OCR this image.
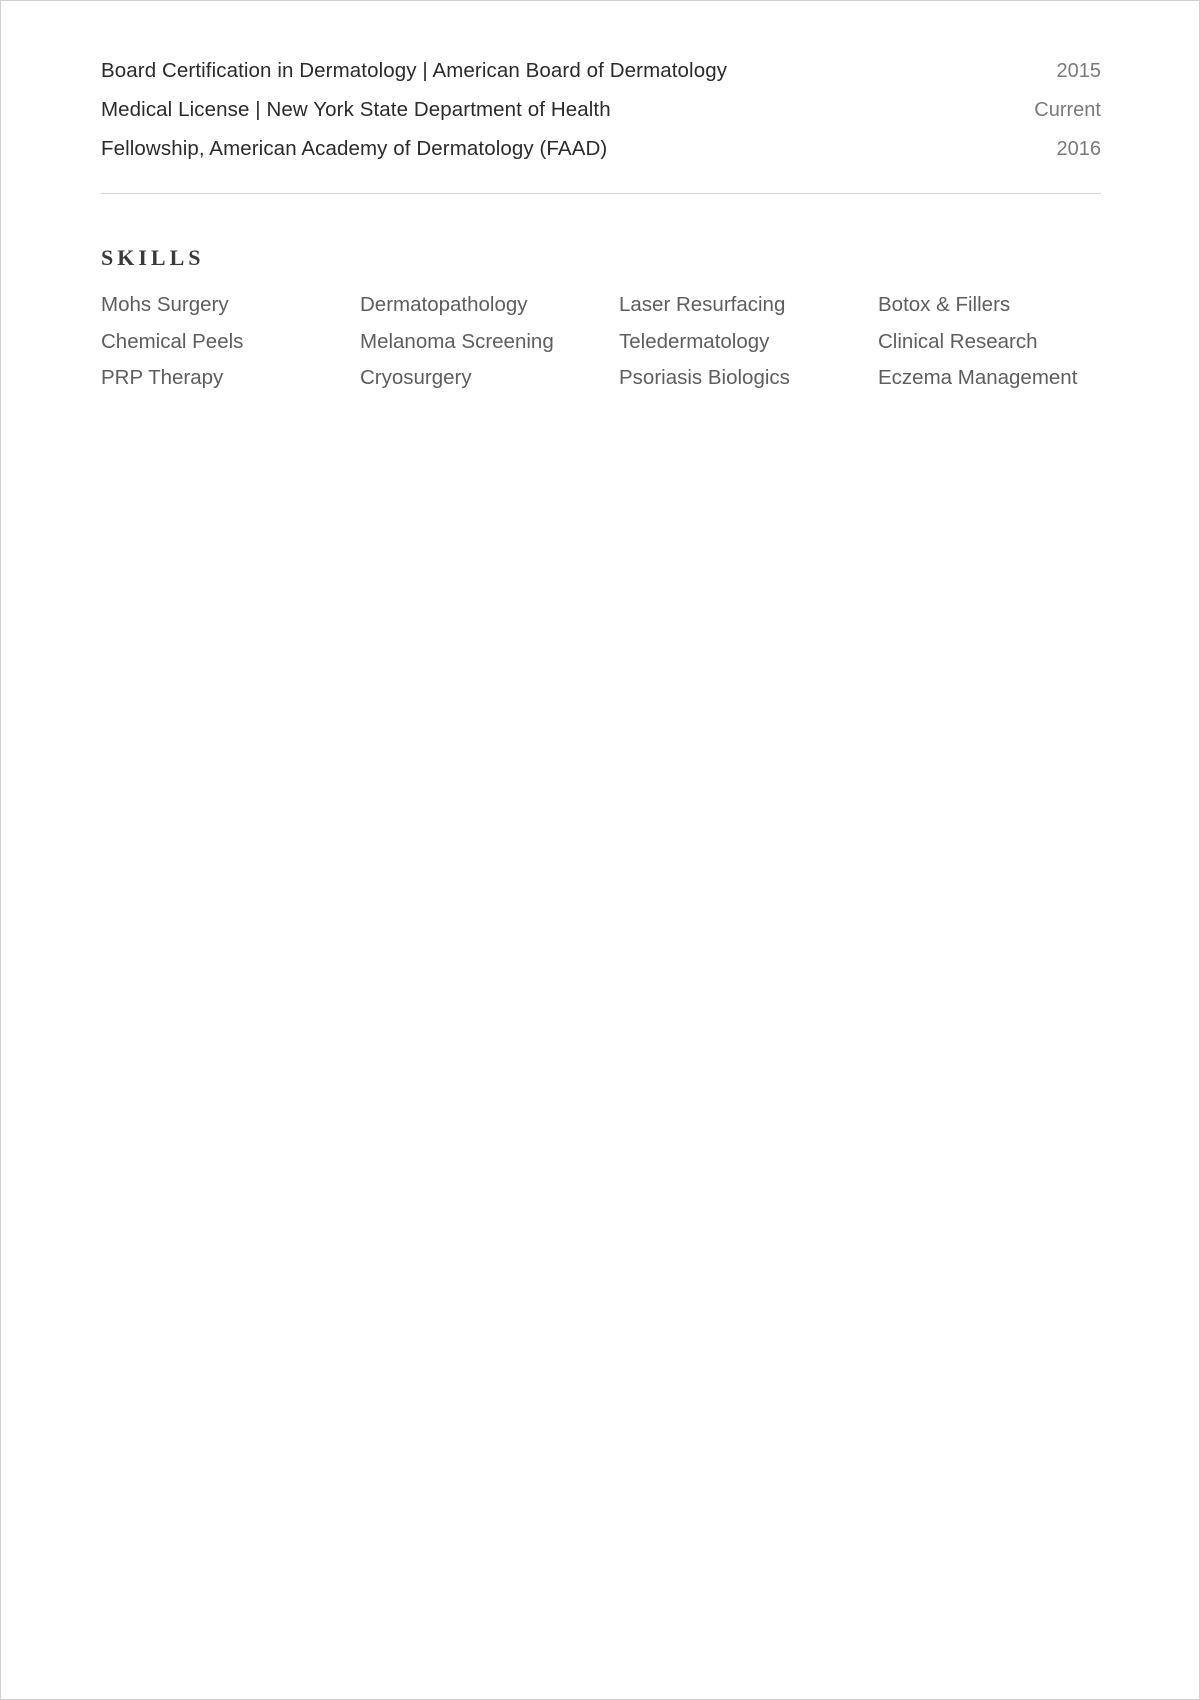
Board Certification in Dermatology | American Board of Dermatology	2015
Medical License | New York State Department of Health	Current
Fellowship, American Academy of Dermatology (FAAD)	2016
SKILLS
Mohs Surgery	Dermatopathology	Laser Resurfacing	Botox & Fillers
Chemical Peels	Melanoma Screening	Teledermatology	Clinical Research
PRP Therapy	Cryosurgery	Psoriasis Biologics	Eczema Management
